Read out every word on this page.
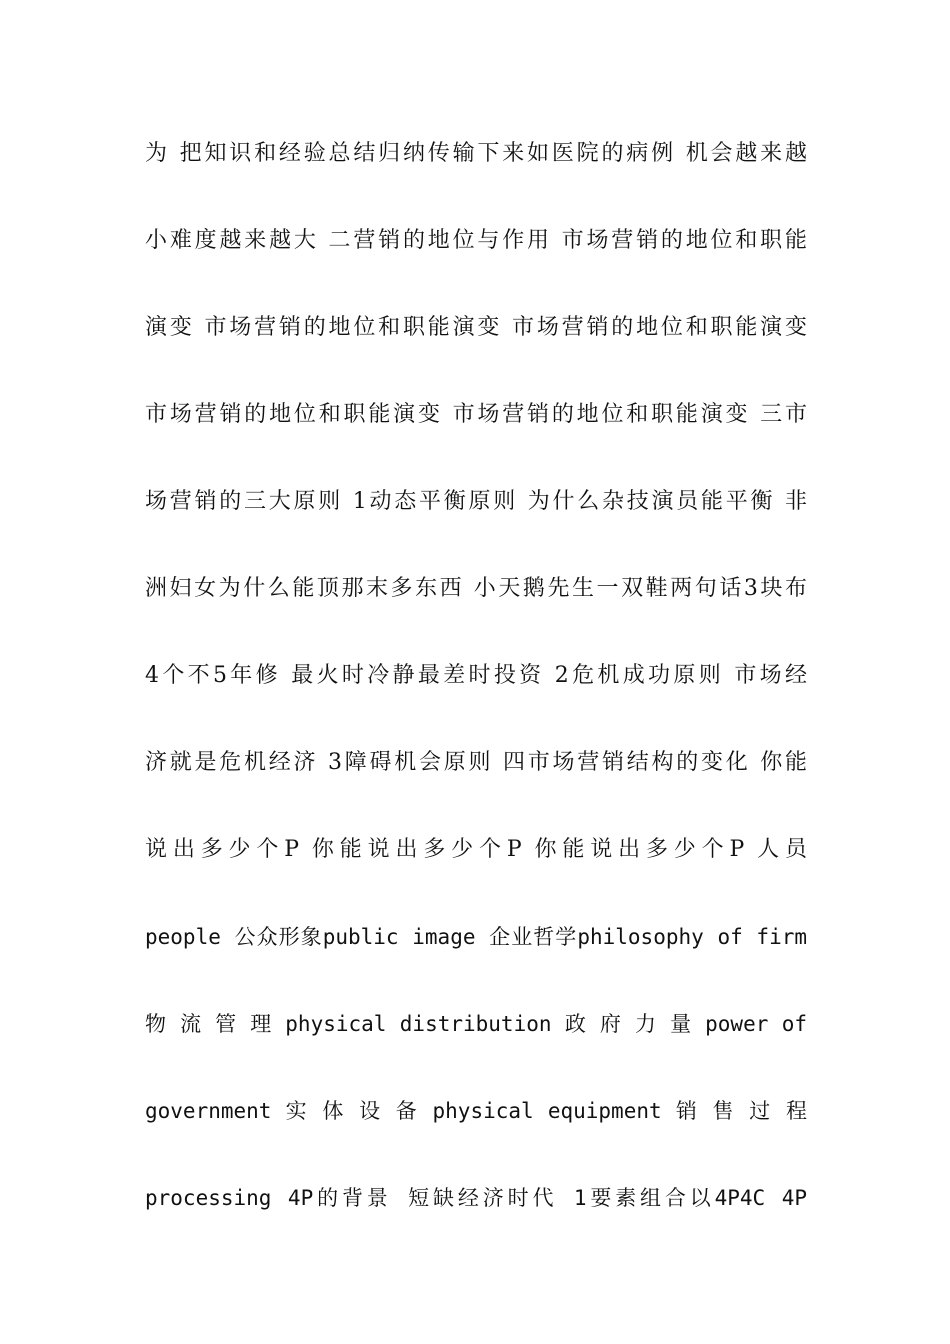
为 把知识和经验总结归纳传输下来如医院的病例 机会越来越
小难度越来越大 二营销的地位与作用 市场营销的地位和职能
演变 市场营销的地位和职能演变 市场营销的地位和职能演变
市场营销的地位和职能演变 市场营销的地位和职能演变 三市
场营销的三大原则 1动态平衡原则 为什么杂技演员能平衡 非
洲妇女为什么能顶那末多东西 小天鹅先生一双鞋两句话3块布
4个不5年修 最火时冷静最差时投资 2危机成功原则 市场经
济就是危机经济 3障碍机会原则 四市场营销结构的变化 你能
说出多少个P 你能说出多少个P 你能说出多少个P 人员
people 公众形象public image 企业哲学philosophy of firm
物 流 管 理 physical distribution 政 府 力 量 power of
government 实 体 设 备 physical equipment 销 售 过 程
processing 4P的背景 短缺经济时代 1要素组合以4P4C 4P
